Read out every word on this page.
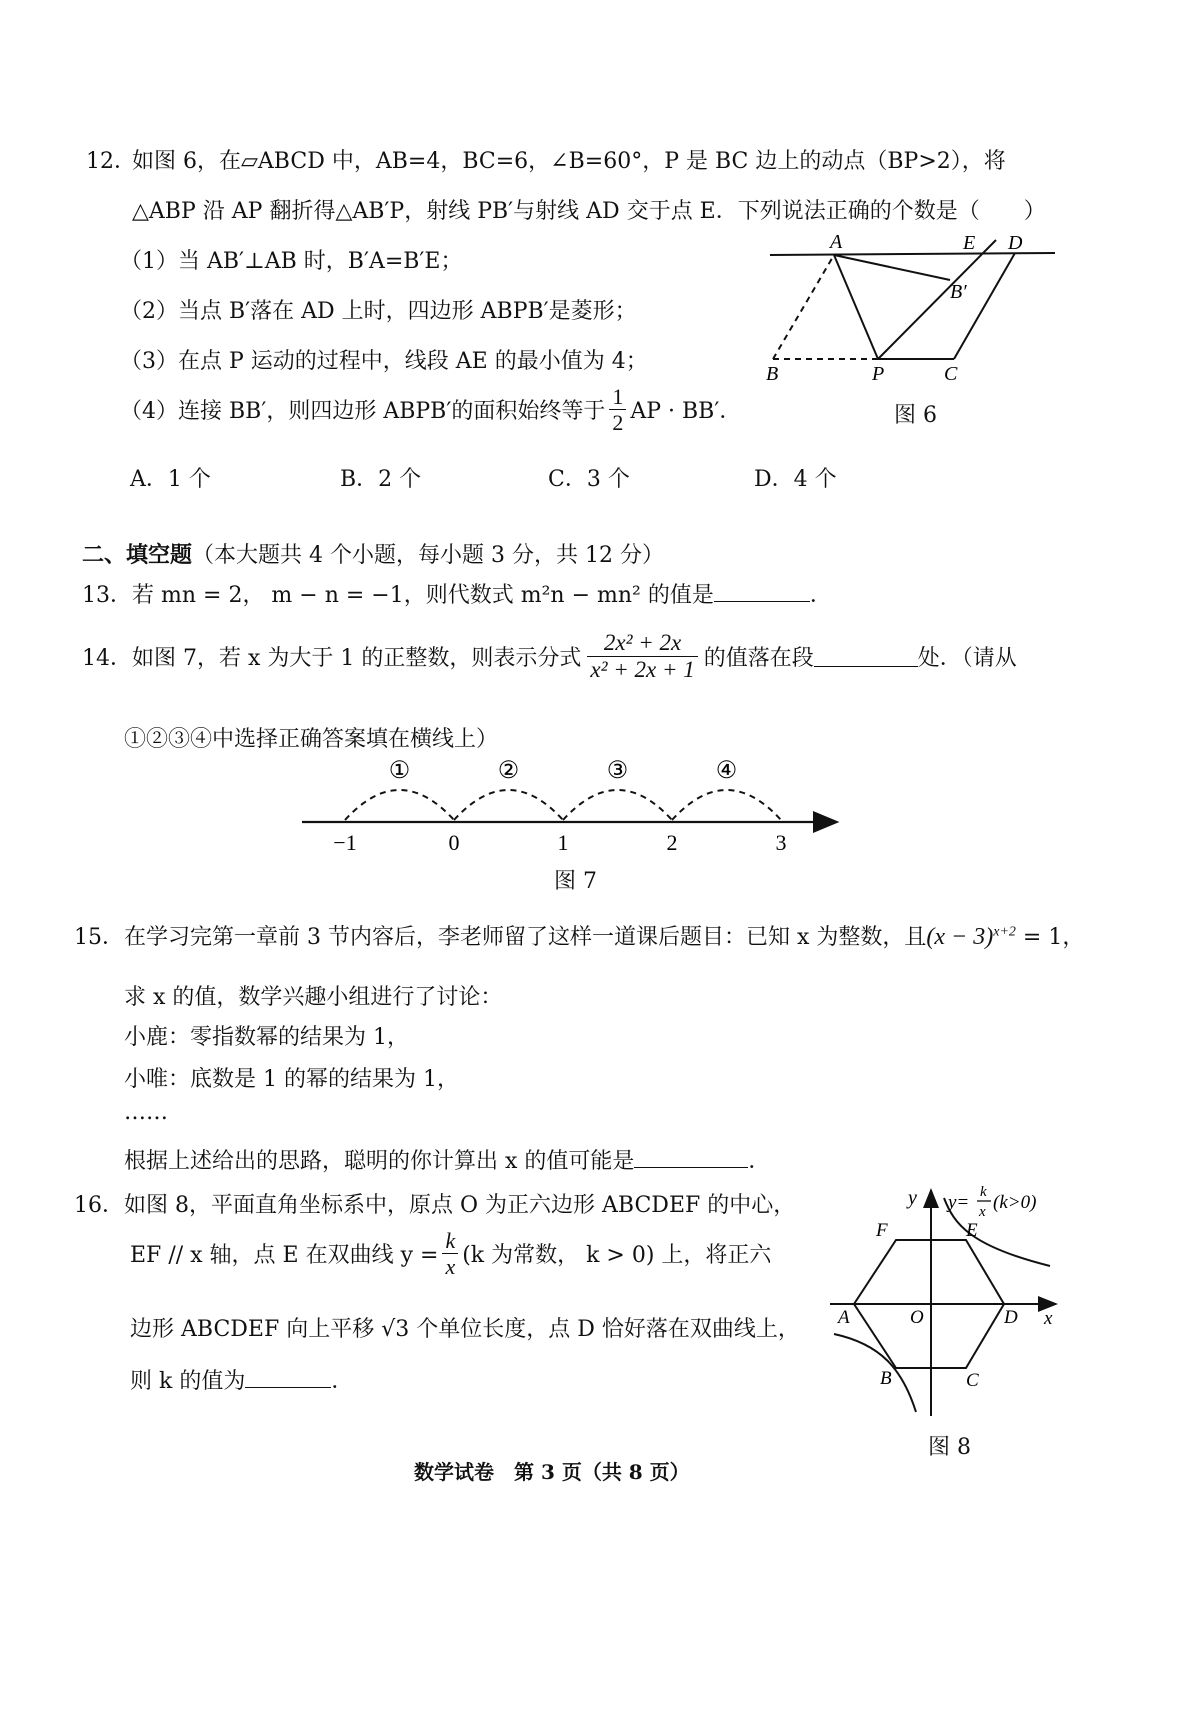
12．
如图 6，在▱ABCD 中，AB=4，BC=6，∠B=60°，P 是 BC 边上的动点（BP>2），将
△ABP 沿 AP 翻折得△AB′P，射线 PB′与射线 AD 交于点 E．下列说法正确的个数是（　　）
（1）当 AB′⊥AB 时，B′A=B′E；
（2）当点 B′落在 AD 上时，四边形 ABPB′是菱形；
（3）在点 P 运动的过程中，线段 AE 的最小值为 4；
（4）连接 BB′，则四边形 ABPB′的面积始终等于 $\frac{1}{2}$ AP · BB′．
A．1 个	B．2 个	C．3 个	D．4 个
A	E D
B′
B	P	C
图 6
二、填空题（本大题共 4 个小题，每小题 3 分，共 12 分）
13．若 mn = 2， m − n = −1，则代数式 m²n − mn² 的值是	．
14． 如图 7，若 x 为大于 1 的正整数，则表示分式 $\frac{\text{2x² + 2x}}{\text{x² + 2x + 1}}$ 的值落在段	处．（请从
①②③④中选择正确答案填在横线上）
−1	0	1	2	3
①	②	③	④
图 7
15．在学习完第一章前 3 节内容后，李老师留了这样一道课后题目：已知 x 为整数，且$(x - 3)^{x+2} = 1$，
求 x 的值，数学兴趣小组进行了讨论：
小鹿：零指数幂的结果为 1，
小唯：底数是 1 的幂的结果为 1，
……
根据上述给出的思路，聪明的你计算出 x 的值可能是	．
16．如图 8，平面直角坐标系中，原点 O 为正六边形 ABCDEF 的中心，
EF // x 轴，点 E 在双曲线 $y = \frac{k}{x} (k$ 为常数， k > 0) 上，将正六
边形 ABCDEF 向上平移 √3 个单位长度，点 D 恰好落在双曲线上，
则 k 的值为	．
y y= k
x (k>0)
F	E
A	O	D x
B	C
图 8
数学试卷　第 3 页（共 8 页）
